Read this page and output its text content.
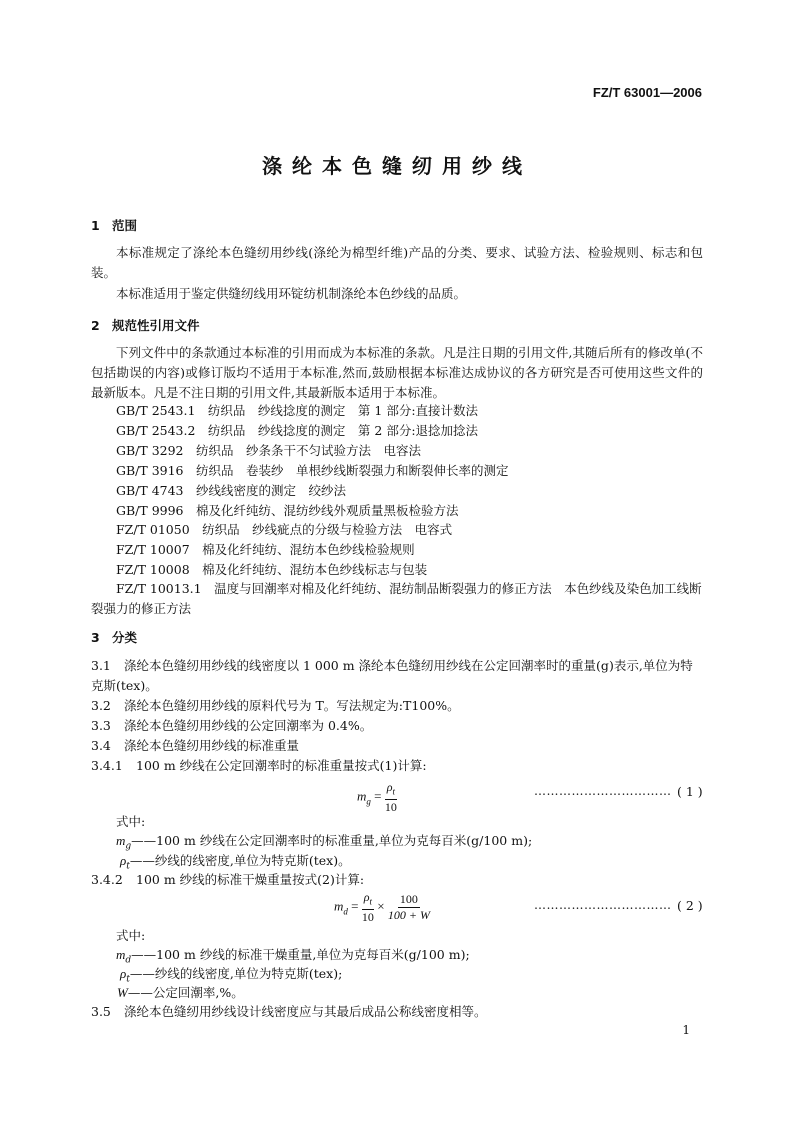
FZ/T 63001—2006
涤纶本色缝纫用纱线
1 范围
本标准规定了涤纶本色缝纫用纱线(涤纶为棉型纤维)产品的分类、要求、试验方法、检验规则、标志和包装。
本标准适用于鉴定供缝纫线用环锭纺机制涤纶本色纱线的品质。
2 规范性引用文件
下列文件中的条款通过本标准的引用而成为本标准的条款。凡是注日期的引用文件,其随后所有的修改单(不包括勘误的内容)或修订版均不适用于本标准,然而,鼓励根据本标准达成协议的各方研究是否可使用这些文件的最新版本。凡是不注日期的引用文件,其最新版本适用于本标准。
GB/T 2543.1　纺织品　纱线捻度的测定　第 1 部分:直接计数法
GB/T 2543.2　纺织品　纱线捻度的测定　第 2 部分:退捻加捻法
GB/T 3292　纺织品　纱条条干不匀试验方法　电容法
GB/T 3916　纺织品　卷装纱　单根纱线断裂强力和断裂伸长率的测定
GB/T 4743　纱线线密度的测定　绞纱法
GB/T 9996　棉及化纤纯纺、混纺纱线外观质量黑板检验方法
FZ/T 01050　纺织品　纱线疵点的分级与检验方法　电容式
FZ/T 10007　棉及化纤纯纺、混纺本色纱线检验规则
FZ/T 10008　棉及化纤纯纺、混纺本色纱线标志与包装
FZ/T 10013.1　温度与回潮率对棉及化纤纯纺、混纺制品断裂强力的修正方法　本色纱线及染色加工线断裂强力的修正方法
3 分类
3.1 涤纶本色缝纫用纱线的线密度以 1 000 m 涤纶本色缝纫用纱线在公定回潮率时的重量(g)表示,单位为特克斯(tex)。
3.2 涤纶本色缝纫用纱线的原料代号为 T。写法规定为:T100%。
3.3 涤纶本色缝纫用纱线的公定回潮率为 0.4%。
3.4 涤纶本色缝纫用纱线的标准重量
3.4.1 100 m 纱线在公定回潮率时的标准重量按式(1)计算:
$m_g = \frac{\rho_t}{10}$	…………………………… ( 1 )
式中:
$m_g——100$ m 纱线在公定回潮率时的标准重量,单位为克每百米(g/100 m);
$\rho_t——$纱线的线密度,单位为特克斯(tex)。
3.4.2 100 m 纱线的标准干燥重量按式(2)计算:
$m_d = \frac{\rho_t}{10} \times \frac{100}{100 + W}$	…………………………… ( 2 )
式中:
$m_d——100$ m 纱线的标准干燥重量,单位为克每百米(g/100 m);
$\rho_t——$纱线的线密度,单位为特克斯(tex);
W——公定回潮率,%。
3.5 涤纶本色缝纫用纱线设计线密度应与其最后成品公称线密度相等。
1
